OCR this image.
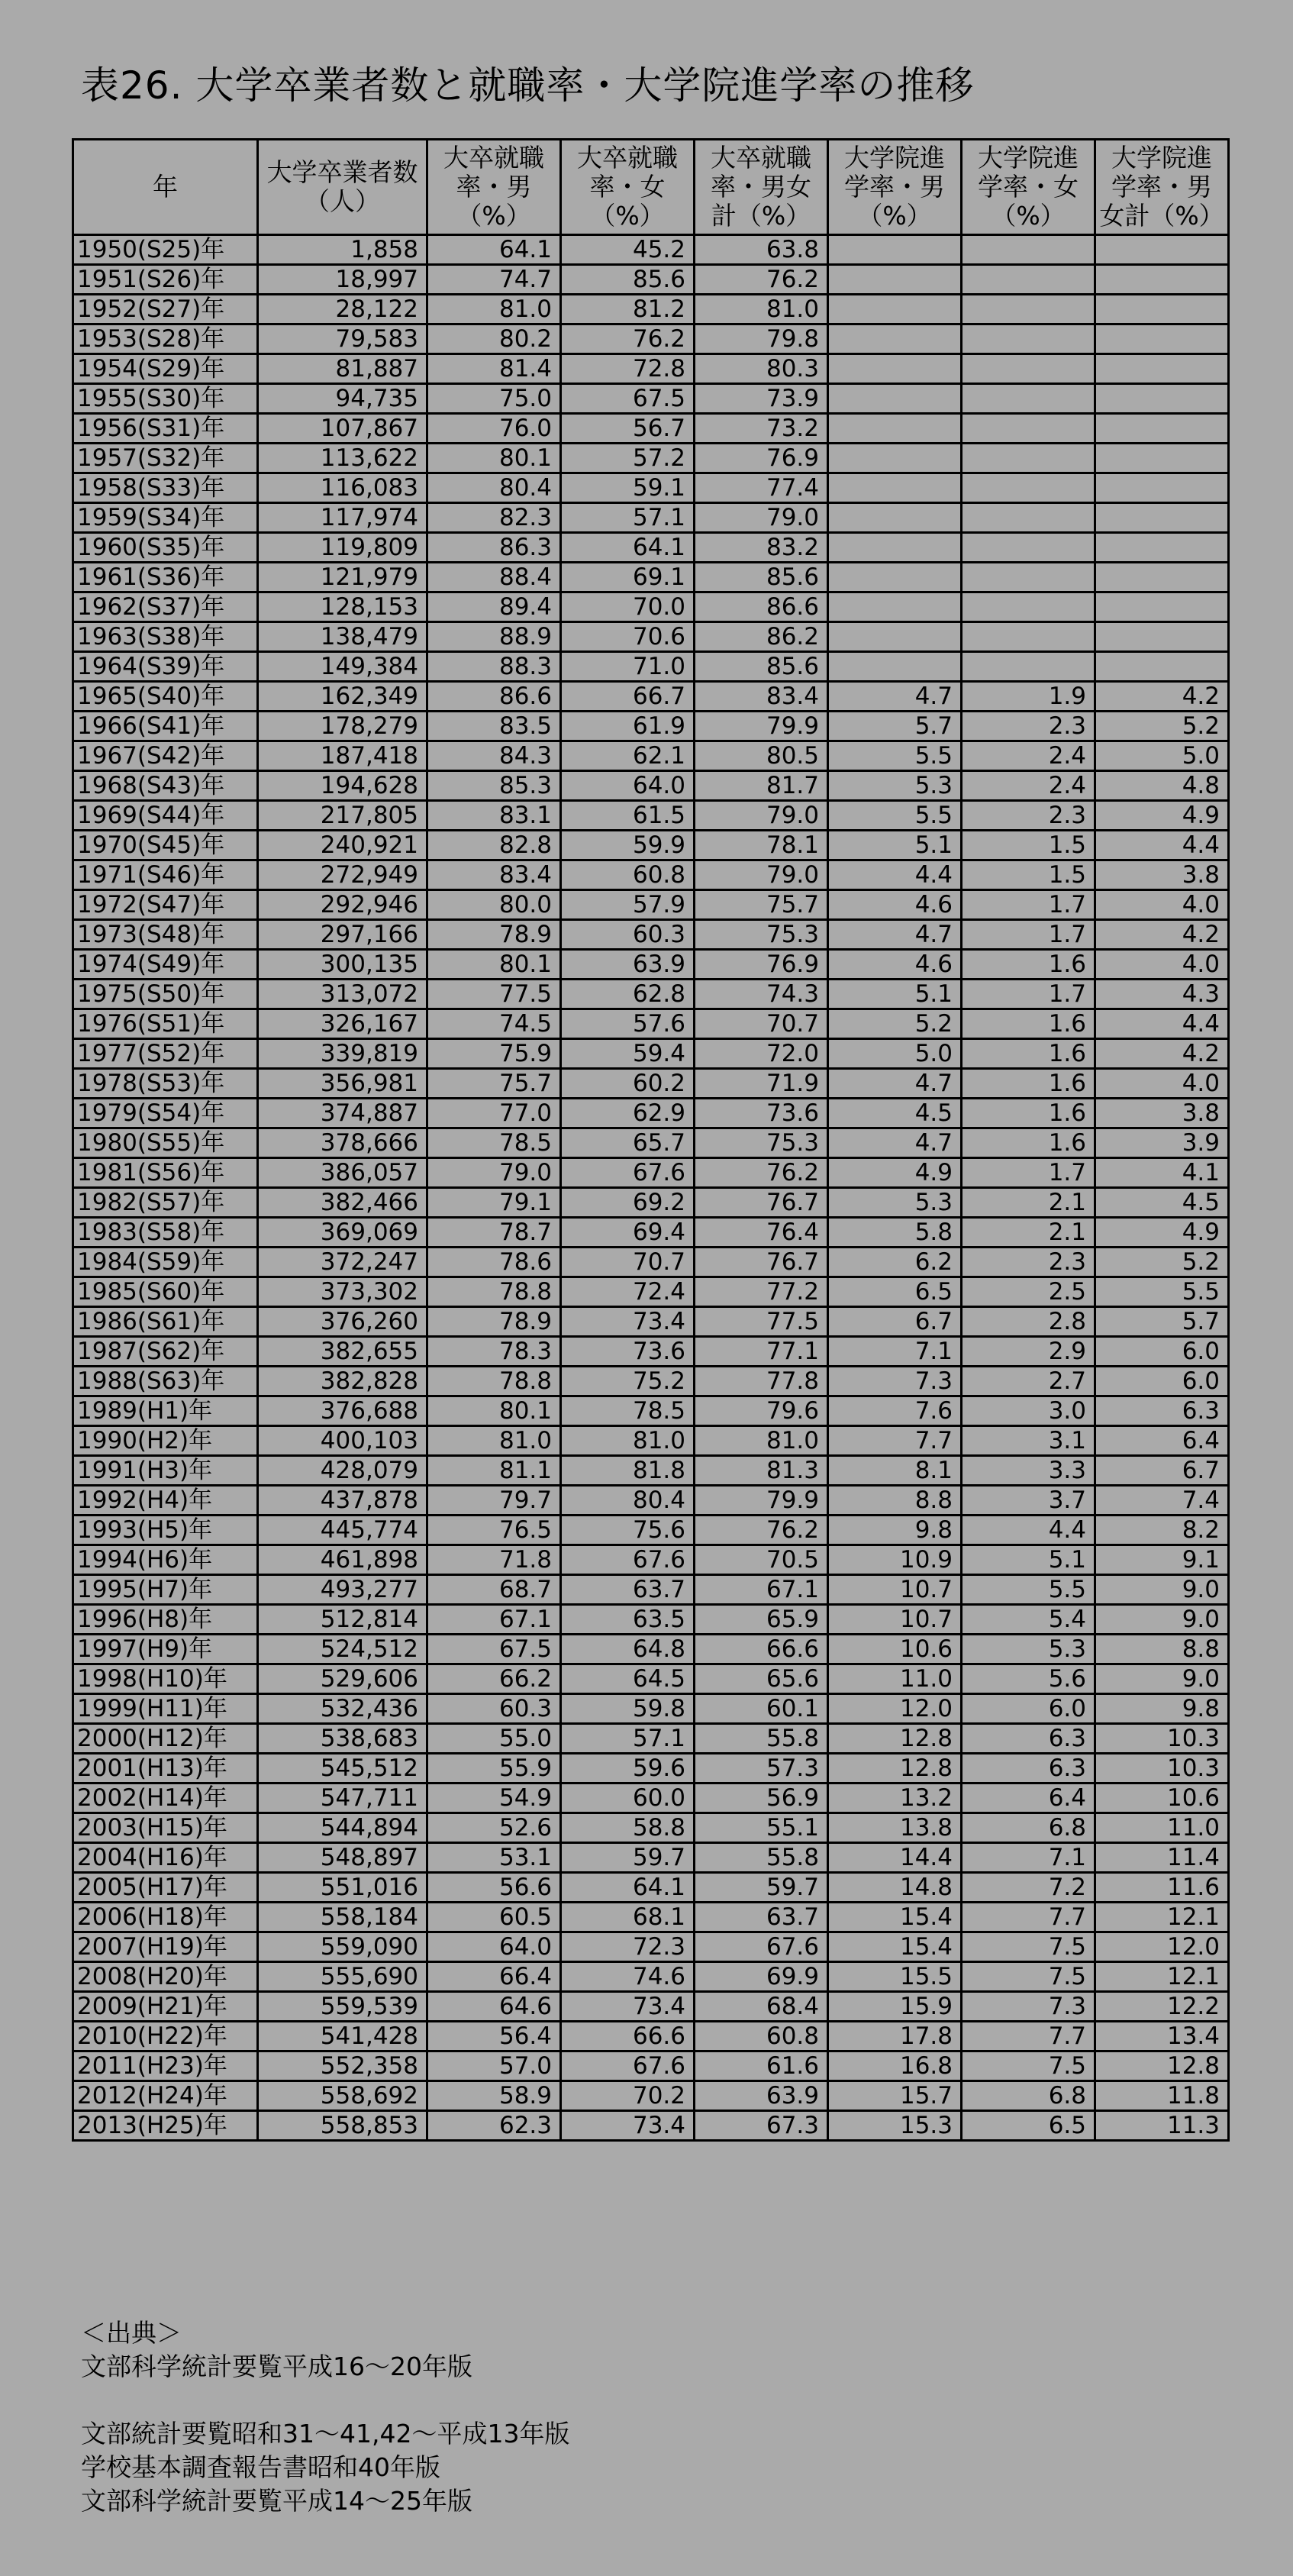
表26. 大学卒業者数と就職率・大学院進学率の推移
年	大学卒業者数（人）	大卒就職率・男（%）	大卒就職率・女（%）	大卒就職率・男女計（%）	大学院進学率・男（%）	大学院進学率・女（%）	大学院進学率・男女計（%）
1950(S25)年	1,858	64.1	45.2	63.8			
1951(S26)年	18,997	74.7	85.6	76.2			
1952(S27)年	28,122	81.0	81.2	81.0			
1953(S28)年	79,583	80.2	76.2	79.8			
1954(S29)年	81,887	81.4	72.8	80.3			
1955(S30)年	94,735	75.0	67.5	73.9			
1956(S31)年	107,867	76.0	56.7	73.2			
1957(S32)年	113,622	80.1	57.2	76.9			
1958(S33)年	116,083	80.4	59.1	77.4			
1959(S34)年	117,974	82.3	57.1	79.0			
1960(S35)年	119,809	86.3	64.1	83.2			
1961(S36)年	121,979	88.4	69.1	85.6			
1962(S37)年	128,153	89.4	70.0	86.6			
1963(S38)年	138,479	88.9	70.6	86.2			
1964(S39)年	149,384	88.3	71.0	85.6			
1965(S40)年	162,349	86.6	66.7	83.4	4.7	1.9	4.2
1966(S41)年	178,279	83.5	61.9	79.9	5.7	2.3	5.2
1967(S42)年	187,418	84.3	62.1	80.5	5.5	2.4	5.0
1968(S43)年	194,628	85.3	64.0	81.7	5.3	2.4	4.8
1969(S44)年	217,805	83.1	61.5	79.0	5.5	2.3	4.9
1970(S45)年	240,921	82.8	59.9	78.1	5.1	1.5	4.4
1971(S46)年	272,949	83.4	60.8	79.0	4.4	1.5	3.8
1972(S47)年	292,946	80.0	57.9	75.7	4.6	1.7	4.0
1973(S48)年	297,166	78.9	60.3	75.3	4.7	1.7	4.2
1974(S49)年	300,135	80.1	63.9	76.9	4.6	1.6	4.0
1975(S50)年	313,072	77.5	62.8	74.3	5.1	1.7	4.3
1976(S51)年	326,167	74.5	57.6	70.7	5.2	1.6	4.4
1977(S52)年	339,819	75.9	59.4	72.0	5.0	1.6	4.2
1978(S53)年	356,981	75.7	60.2	71.9	4.7	1.6	4.0
1979(S54)年	374,887	77.0	62.9	73.6	4.5	1.6	3.8
1980(S55)年	378,666	78.5	65.7	75.3	4.7	1.6	3.9
1981(S56)年	386,057	79.0	67.6	76.2	4.9	1.7	4.1
1982(S57)年	382,466	79.1	69.2	76.7	5.3	2.1	4.5
1983(S58)年	369,069	78.7	69.4	76.4	5.8	2.1	4.9
1984(S59)年	372,247	78.6	70.7	76.7	6.2	2.3	5.2
1985(S60)年	373,302	78.8	72.4	77.2	6.5	2.5	5.5
1986(S61)年	376,260	78.9	73.4	77.5	6.7	2.8	5.7
1987(S62)年	382,655	78.3	73.6	77.1	7.1	2.9	6.0
1988(S63)年	382,828	78.8	75.2	77.8	7.3	2.7	6.0
1989(H1)年	376,688	80.1	78.5	79.6	7.6	3.0	6.3
1990(H2)年	400,103	81.0	81.0	81.0	7.7	3.1	6.4
1991(H3)年	428,079	81.1	81.8	81.3	8.1	3.3	6.7
1992(H4)年	437,878	79.7	80.4	79.9	8.8	3.7	7.4
1993(H5)年	445,774	76.5	75.6	76.2	9.8	4.4	8.2
1994(H6)年	461,898	71.8	67.6	70.5	10.9	5.1	9.1
1995(H7)年	493,277	68.7	63.7	67.1	10.7	5.5	9.0
1996(H8)年	512,814	67.1	63.5	65.9	10.7	5.4	9.0
1997(H9)年	524,512	67.5	64.8	66.6	10.6	5.3	8.8
1998(H10)年	529,606	66.2	64.5	65.6	11.0	5.6	9.0
1999(H11)年	532,436	60.3	59.8	60.1	12.0	6.0	9.8
2000(H12)年	538,683	55.0	57.1	55.8	12.8	6.3	10.3
2001(H13)年	545,512	55.9	59.6	57.3	12.8	6.3	10.3
2002(H14)年	547,711	54.9	60.0	56.9	13.2	6.4	10.6
2003(H15)年	544,894	52.6	58.8	55.1	13.8	6.8	11.0
2004(H16)年	548,897	53.1	59.7	55.8	14.4	7.1	11.4
2005(H17)年	551,016	56.6	64.1	59.7	14.8	7.2	11.6
2006(H18)年	558,184	60.5	68.1	63.7	15.4	7.7	12.1
2007(H19)年	559,090	64.0	72.3	67.6	15.4	7.5	12.0
2008(H20)年	555,690	66.4	74.6	69.9	15.5	7.5	12.1
2009(H21)年	559,539	64.6	73.4	68.4	15.9	7.3	12.2
2010(H22)年	541,428	56.4	66.6	60.8	17.8	7.7	13.4
2011(H23)年	552,358	57.0	67.6	61.6	16.8	7.5	12.8
2012(H24)年	558,692	58.9	70.2	63.9	15.7	6.8	11.8
2013(H25)年	558,853	62.3	73.4	67.3	15.3	6.5	11.3
＜出典＞
文部科学統計要覧平成16～20年版
文部統計要覧昭和31～41,42～平成13年版
学校基本調査報告書昭和40年版
文部科学統計要覧平成14～25年版
